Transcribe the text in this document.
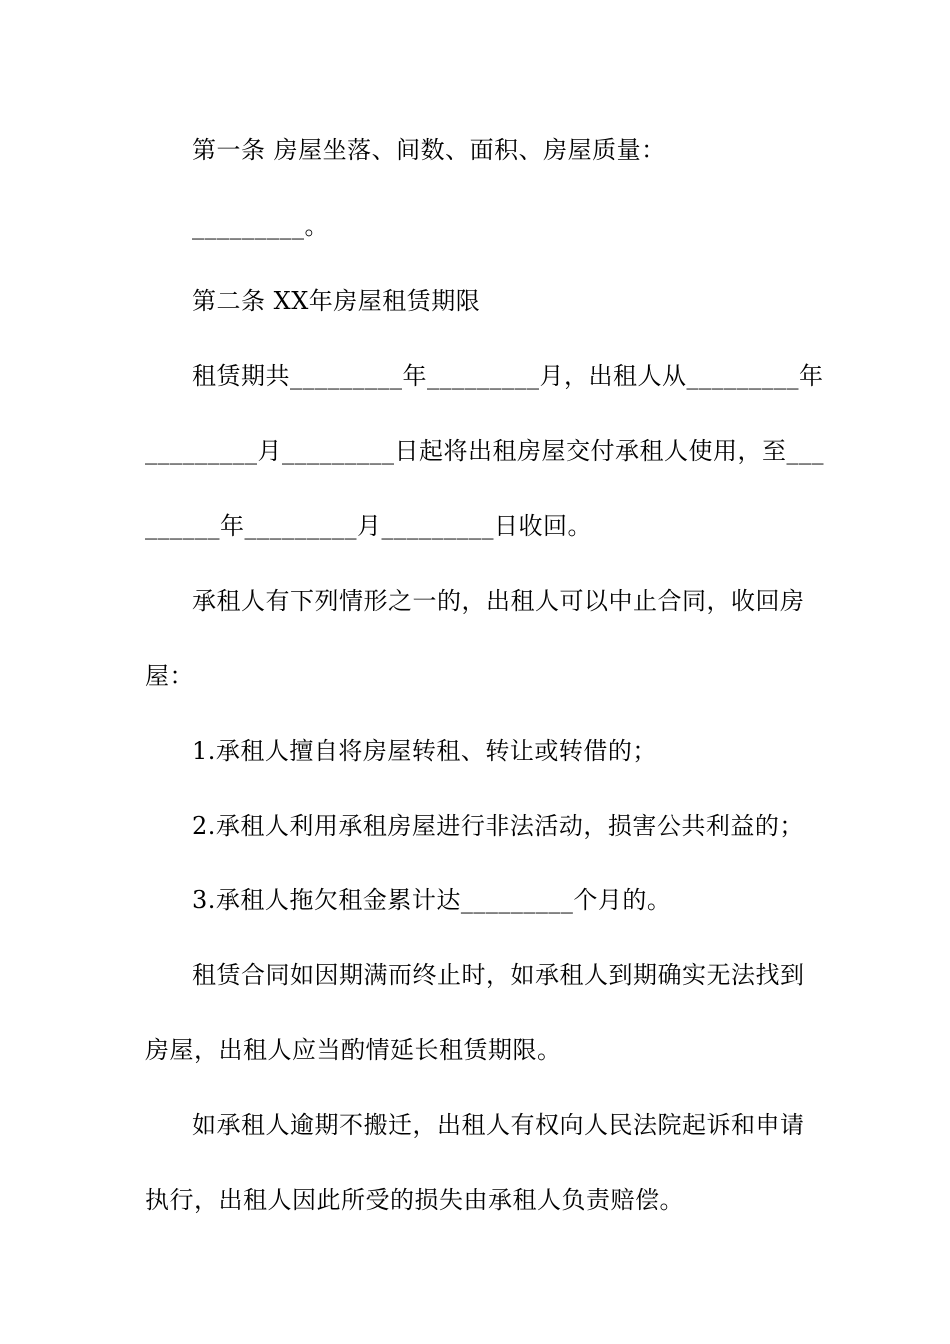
第一条 房屋坐落、间数、面积、房屋质量：
_________。
第二条 XX年房屋租赁期限
租赁期共_________年_________月，出租人从_________年
_________月_________日起将出租房屋交付承租人使用，至___
______年_________月_________日收回。
承租人有下列情形之一的，出租人可以中止合同，收回房
屋：
1.承租人擅自将房屋转租、转让或转借的；
2.承租人利用承租房屋进行非法活动，损害公共利益的；
3.承租人拖欠租金累计达_________个月的。
租赁合同如因期满而终止时，如承租人到期确实无法找到
房屋，出租人应当酌情延长租赁期限。
如承租人逾期不搬迁，出租人有权向人民法院起诉和申请
执行，出租人因此所受的损失由承租人负责赔偿。
